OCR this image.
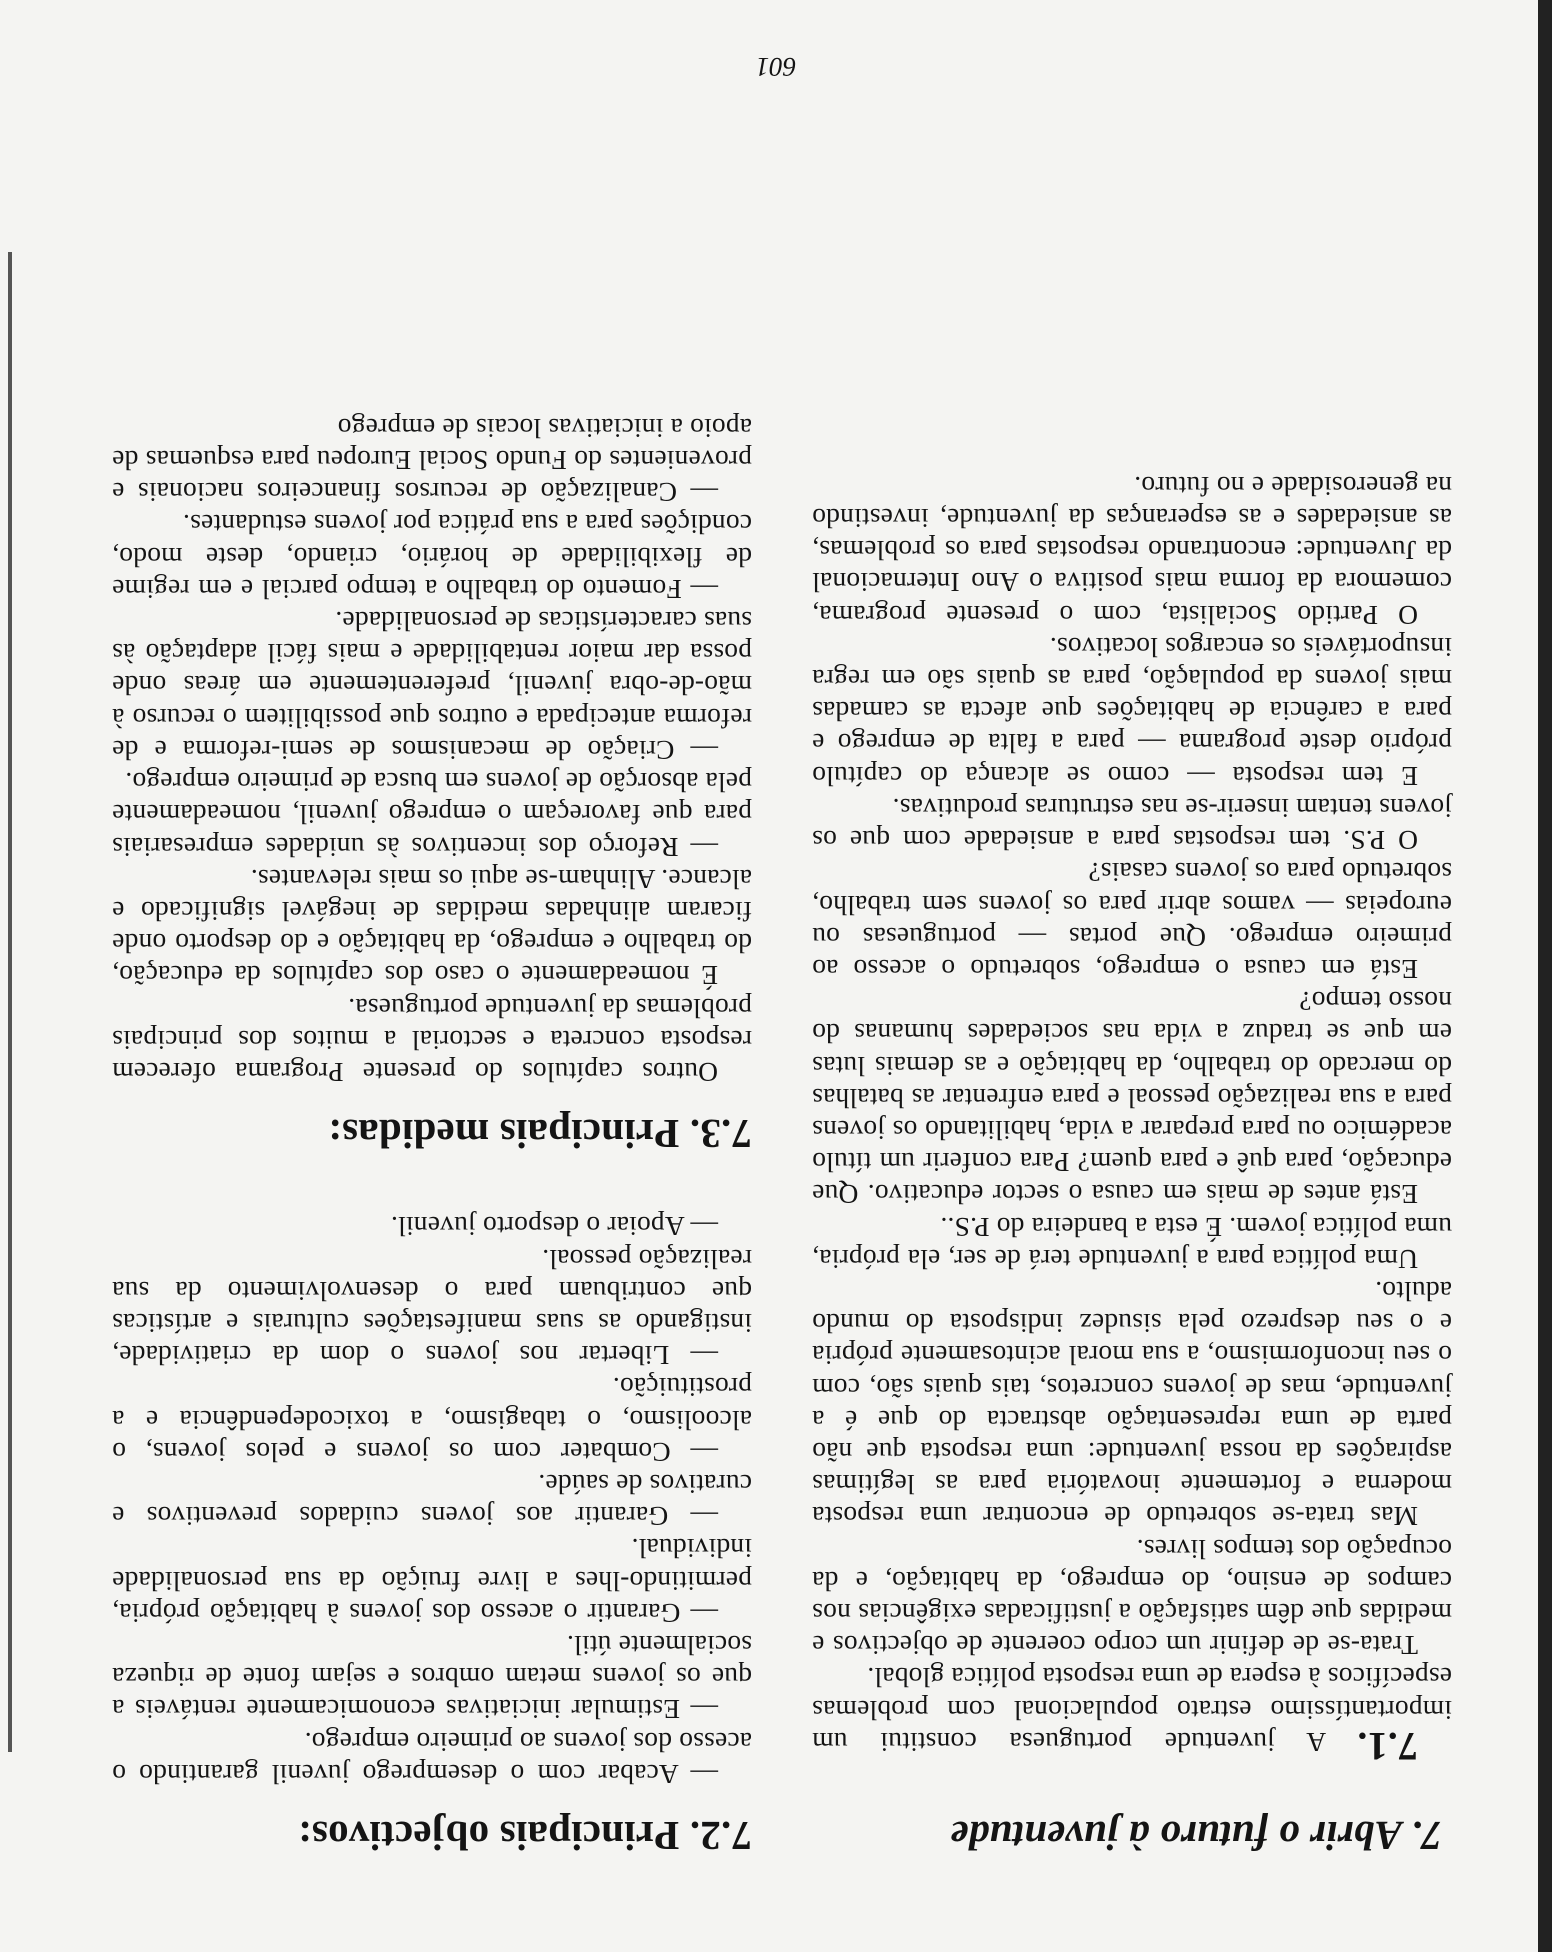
7. Abrir o futuro à juventude

7.1. A juventude portuguesa constitui um importantíssimo estrato populacional com problemas específicos à espera de uma resposta política global.

Trata-se de definir um corpo coerente de objectivos e medidas que dêm satisfação a justificadas exigências nos campos de ensino, do emprego, da habitação, e da ocupação dos tempos livres.

Mas trata-se sobretudo de encontrar uma resposta moderna e fortemente inovatória para as legítimas aspirações da nossa juventude: uma resposta que não parta de uma representação abstracta do que é a juventude, mas de jovens concretos, tais quais são, com o seu inconformismo, a sua moral acintosamente própria e o seu desprezo pela sisudez indisposta do mundo adulto.

Uma política para a juventude terá de ser, ela própria, uma política jovem. É esta a bandeira do P.S..

Está antes de mais em causa o sector educativo. Que educação, para quê e para quem? Para conferir um título académico ou para preparar a vida, habilitando os jovens para a sua realização pessoal e para enfrentar as batalhas do mercado do trabalho, da habitação e as demais lutas em que se traduz a vida nas sociedades humanas do nosso tempo?

Está em causa o emprego, sobretudo o acesso ao primeiro emprego. Que portas — portuguesas ou europeias — vamos abrir para os jovens sem trabalho, sobretudo para os jovens casais?

O P.S. tem respostas para a ansiedade com que os jovens tentam inserir-se nas estruturas produtivas.

E tem resposta — como se alcança do capítulo próprio deste programa — para a falta de emprego e para a carência de habitações que afecta as camadas mais jovens da população, para as quais são em regra insuportáveis os encargos locativos.

O Partido Socialista, com o presente programa, comemora da forma mais positiva o Ano Internacional da Juventude: encontrando respostas para os problemas, as ansiedades e as esperanças da juventude, investindo na generosidade e no futuro.

7.2. Principais objectivos:

— Acabar com o desemprego juvenil garantindo o acesso dos jovens ao primeiro emprego.

— Estimular iniciativas economicamente rentáveis a que os jovens metam ombros e sejam fonte de riqueza socialmente útil.

— Garantir o acesso dos jovens à habitação própria, permitindo-lhes a livre fruição da sua personalidade individual.

— Garantir aos jovens cuidados preventivos e curativos de saúde.

— Combater com os jovens e pelos jovens, o alcoolismo, o tabagismo, a toxicodependência e a prostituição.

— Libertar nos jovens o dom da criatividade, instigando as suas manifestações culturais e artísticas que contribuam para o desenvolvimento da sua realização pessoal.

— Apoiar o desporto juvenil.

7.3. Principais medidas:

Outros capítulos do presente Programa oferecem resposta concreta e sectorial a muitos dos principais problemas da juventude portuguesa.

É nomeadamente o caso dos capítulos da educação, do trabalho e emprego, da habitação e do desporto onde ficaram alinhadas medidas de inegável significado e alcance. Alinham-se aqui os mais relevantes.

— Reforço dos incentivos às unidades empresariais para que favoreçam o emprego juvenil, nomeadamente pela absorção de jovens em busca de primeiro emprego.

— Criação de mecanismos de semi-reforma e de reforma antecipada e outros que possibilitem o recurso à mão-de-obra juvenil, preferentemente em áreas onde possa dar maior rentabilidade e mais fácil adaptação às suas características de personalidade.

— Fomento do trabalho a tempo parcial e em regime de flexibilidade de horário, criando, deste modo, condições para a sua prática por jovens estudantes.

— Canalização de recursos financeiros nacionais e provenientes do Fundo Social Europeu para esquemas de apoio a iniciativas locais de emprego

601
